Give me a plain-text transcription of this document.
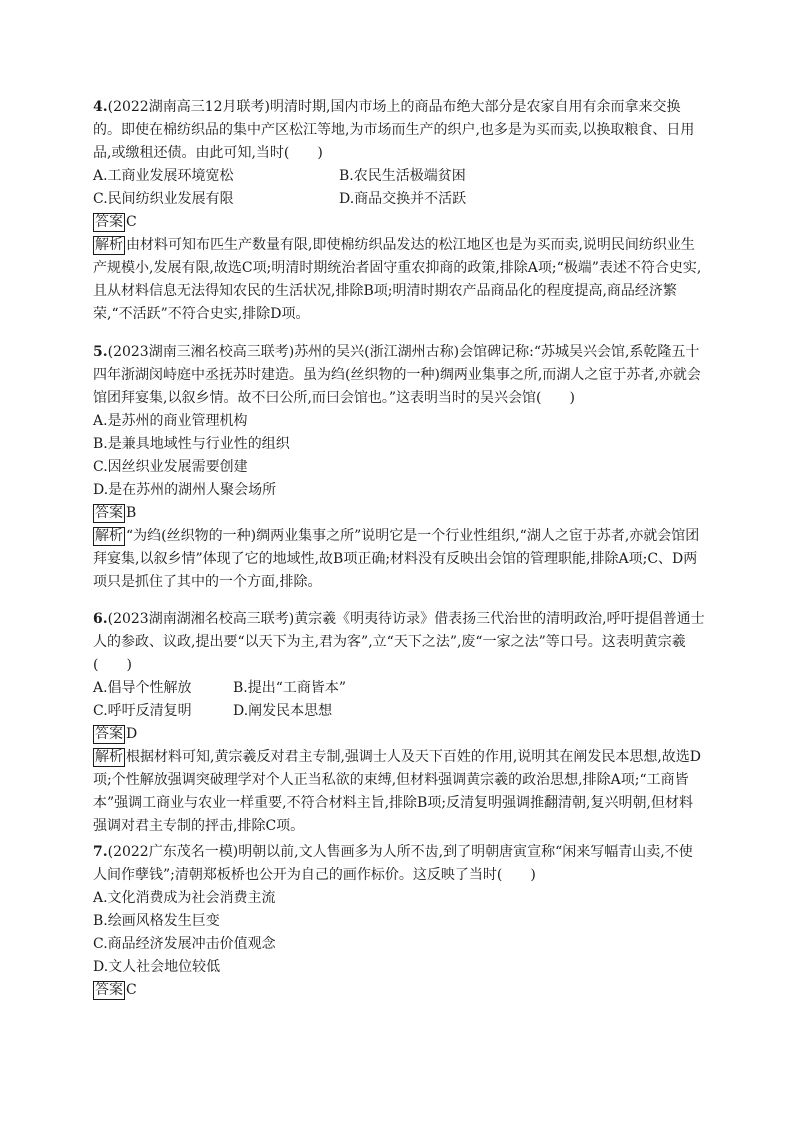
4.(2022湖南高三12月联考)明清时期,国内市场上的商品布绝大部分是农家自用有余而拿来交换的。即使在棉纺织品的集中产区松江等地,为市场而生产的织户,也多是为买而卖,以换取粮食、日用品,或缴租还债。由此可知,当时(　　)

A.工商业发展环境宽松	B.农民生活极端贫困
C.民间纺织业发展有限	D.商品交换并不活跃

答案 C

解析 由材料可知布匹生产数量有限,即使棉纺织品发达的松江地区也是为买而卖,说明民间纺织业生产规模小,发展有限,故选C项;明清时期统治者固守重农抑商的政策,排除A项;“极端”表述不符合史实,且从材料信息无法得知农民的生活状况,排除B项;明清时期农产品商品化的程度提高,商品经济繁荣,“不活跃”不符合史实,排除D项。

5.(2023湖南三湘名校高三联考)苏州的吴兴(浙江湖州古称)会馆碑记称:“苏城吴兴会馆,系乾隆五十四年浙湖闵峙庭中丞抚苏时建造。虽为绉(丝织物的一种)绸两业集事之所,而湖人之宦于苏者,亦就会馆团拜宴集,以叙乡情。故不曰公所,而曰会馆也。”这表明当时的吴兴会馆(　　)

A.是苏州的商业管理机构

B.是兼具地域性与行业性的组织

C.因丝织业发展需要创建

D.是在苏州的湖州人聚会场所

答案 B

解析 “为绉(丝织物的一种)绸两业集事之所”说明它是一个行业性组织,“湖人之宦于苏者,亦就会馆团拜宴集,以叙乡情”体现了它的地域性,故B项正确;材料没有反映出会馆的管理职能,排除A项;C、D两项只是抓住了其中的一个方面,排除。

6.(2023湖南湖湘名校高三联考)黄宗羲《明夷待访录》借表扬三代治世的清明政治,呼吁提倡普通士人的参政、议政,提出要“以天下为主,君为客”,立“天下之法”,废“一家之法”等口号。这表明黄宗羲(　　)

A.倡导个性解放	B.提出“工商皆本”
C.呼吁反清复明	D.阐发民本思想

答案 D

解析 根据材料可知,黄宗羲反对君主专制,强调士人及天下百姓的作用,说明其在阐发民本思想,故选D项;个性解放强调突破理学对个人正当私欲的束缚,但材料强调黄宗羲的政治思想,排除A项;“工商皆本”强调工商业与农业一样重要,不符合材料主旨,排除B项;反清复明强调推翻清朝,复兴明朝,但材料强调对君主专制的抨击,排除C项。

7.(2022广东茂名一模)明朝以前,文人售画多为人所不齿,到了明朝唐寅宣称“闲来写幅青山卖,不使人间作孽钱”;清朝郑板桥也公开为自己的画作标价。这反映了当时(　　)

A.文化消费成为社会消费主流

B.绘画风格发生巨变

C.商品经济发展冲击价值观念

D.文人社会地位较低

答案 C
